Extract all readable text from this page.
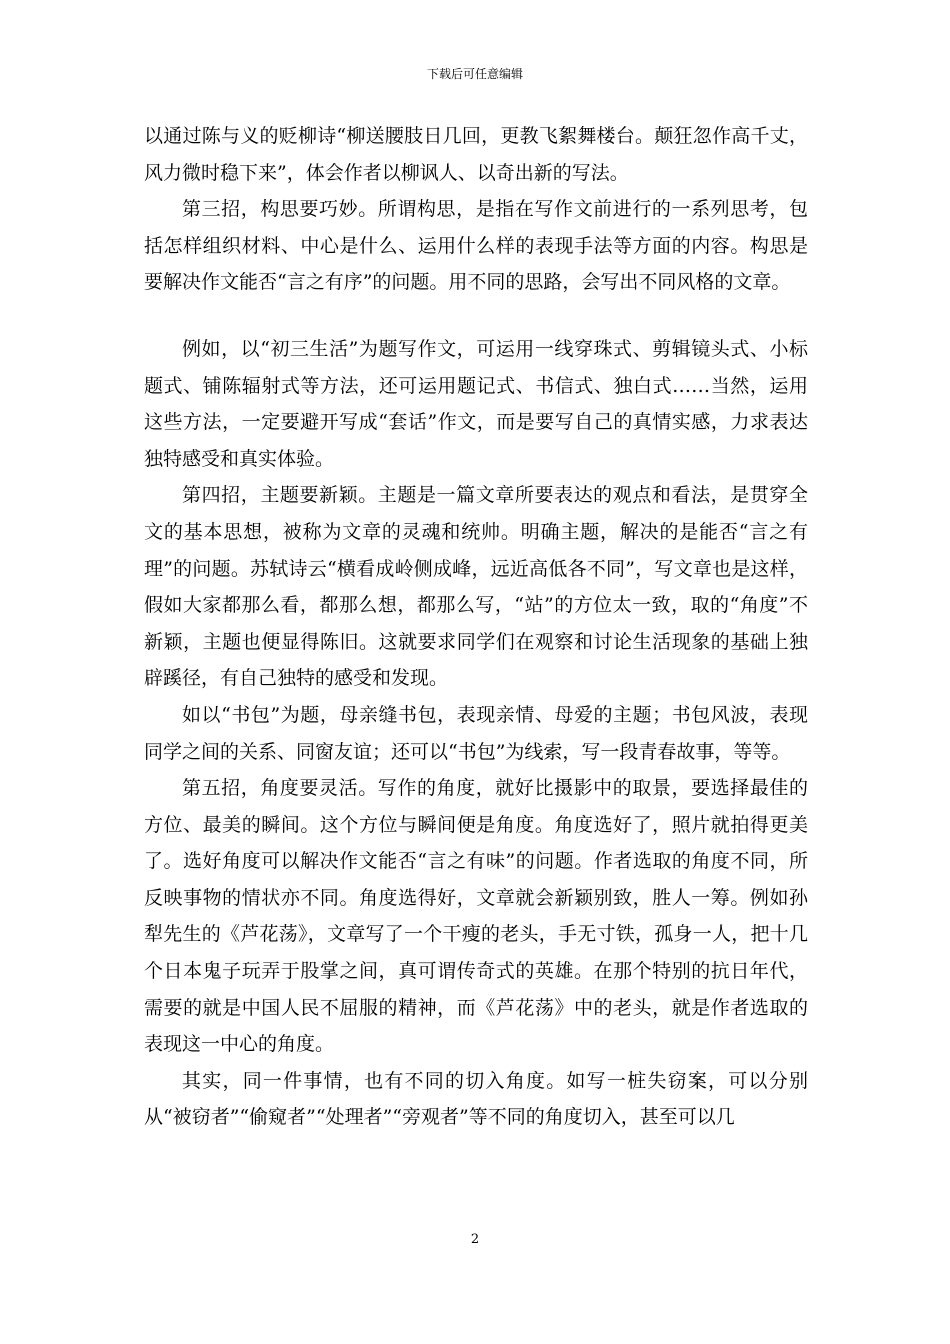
下载后可任意编辑

以通过陈与义的贬柳诗“柳送腰肢日几回，更教飞絮舞楼台。颠狂忽作高千丈，风力微时稳下来”，体会作者以柳讽人、以奇出新的写法。

第三招，构思要巧妙。所谓构思，是指在写作文前进行的一系列思考，包括怎样组织材料、中心是什么、运用什么样的表现手法等方面的内容。构思是要解决作文能否“言之有序”的问题。用不同的思路，会写出不同风格的文章。

例如，以“初三生活”为题写作文，可运用一线穿珠式、剪辑镜头式、小标题式、铺陈辐射式等方法，还可运用题记式、书信式、独白式……当然，运用这些方法，一定要避开写成“套话”作文，而是要写自己的真情实感，力求表达独特感受和真实体验。

第四招，主题要新颖。主题是一篇文章所要表达的观点和看法，是贯穿全文的基本思想，被称为文章的灵魂和统帅。明确主题，解决的是能否“言之有理”的问题。苏轼诗云“横看成岭侧成峰，远近高低各不同”，写文章也是这样，假如大家都那么看，都那么想，都那么写，“站”的方位太一致，取的“角度”不新颖，主题也便显得陈旧。这就要求同学们在观察和讨论生活现象的基础上独辟蹊径，有自己独特的感受和发现。

如以“书包”为题，母亲缝书包，表现亲情、母爱的主题；书包风波，表现同学之间的关系、同窗友谊；还可以“书包”为线索，写一段青春故事，等等。

第五招，角度要灵活。写作的角度，就好比摄影中的取景，要选择最佳的方位、最美的瞬间。这个方位与瞬间便是角度。角度选好了，照片就拍得更美了。选好角度可以解决作文能否“言之有味”的问题。作者选取的角度不同，所反映事物的情状亦不同。角度选得好，文章就会新颖别致，胜人一筹。例如孙犁先生的《芦花荡》，文章写了一个干瘦的老头，手无寸铁，孤身一人，把十几个日本鬼子玩弄于股掌之间，真可谓传奇式的英雄。在那个特别的抗日年代，需要的就是中国人民不屈服的精神，而《芦花荡》中的老头，就是作者选取的表现这一中心的角度。

其实，同一件事情，也有不同的切入角度。如写一桩失窃案，可以分别从“被窃者”“偷窥者”“处理者”“旁观者”等不同的角度切入，甚至可以几

2
